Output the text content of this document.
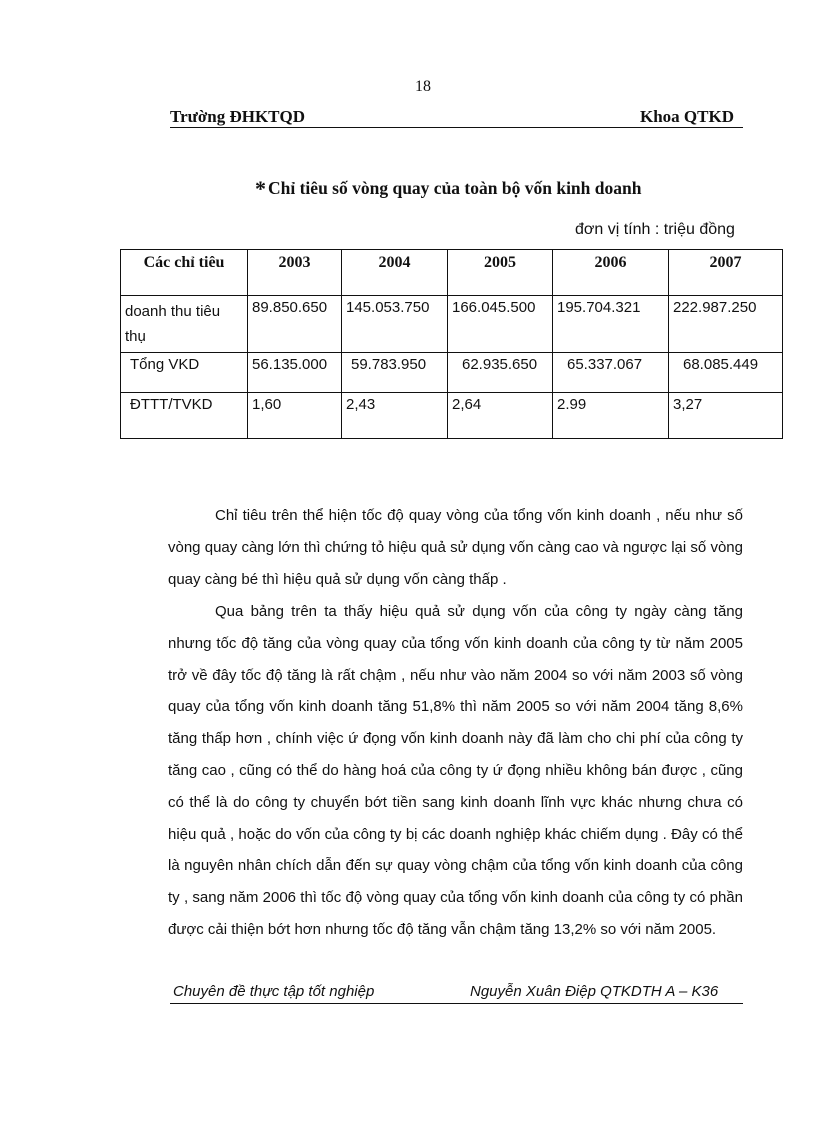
18
Trường ĐHKTQD	Khoa QTKD
* Chỉ tiêu số vòng quay của toàn bộ vốn kinh doanh
đơn vị tính : triệu đồng
Các chỉ tiêu	2003	2004	2005	2006	2007
doanh thu tiêu thụ	89.850.650	145.053.750	166.045.500	195.704.321	222.987.250
Tổng VKD	56.135.000	59.783.950	62.935.650	65.337.067	68.085.449
ĐTTT/TVKD	1,60	2,43	2,64	2.99	3,27

Chỉ tiêu trên thể hiện tốc độ quay vòng của tổng vốn kinh doanh , nếu như số vòng quay càng lớn thì chứng tỏ hiệu quả sử dụng vốn càng cao và ngược lại số vòng quay càng bé thì hiệu quả sử dụng vốn càng thấp .

Qua bảng trên ta thấy hiệu quả sử dụng vốn của công ty ngày càng tăng nhưng tốc độ tăng của vòng quay của tổng vốn kinh doanh của công ty từ năm 2005 trở về đây tốc độ tăng là rất chậm , nếu như vào năm 2004 so với năm 2003 số vòng quay của tổng vốn kinh doanh tăng 51,8% thì năm 2005 so với năm 2004 tăng 8,6% tăng thấp hơn , chính việc ứ đọng vốn kinh doanh này đã làm cho chi phí của công ty tăng cao , cũng có thể do hàng hoá của công ty ứ đọng nhiều không bán được , cũng có thể là do công ty chuyển bớt tiền sang kinh doanh lĩnh vực khác nhưng chưa có hiệu quả , hoặc do vốn của công ty bị các doanh nghiệp khác chiếm dụng . Đây có thể là nguyên nhân chích dẫn đến sự quay vòng chậm của tổng vốn kinh doanh của công ty , sang năm 2006 thì tốc độ vòng quay của tổng vốn kinh doanh của công ty có phần được cải thiện bớt hơn nhưng tốc độ tăng vẫn chậm tăng 13,2% so với năm 2005.

Chuyên đề thực tập tốt nghiệp	Nguyễn Xuân Điệp QTKDTH A – K36
